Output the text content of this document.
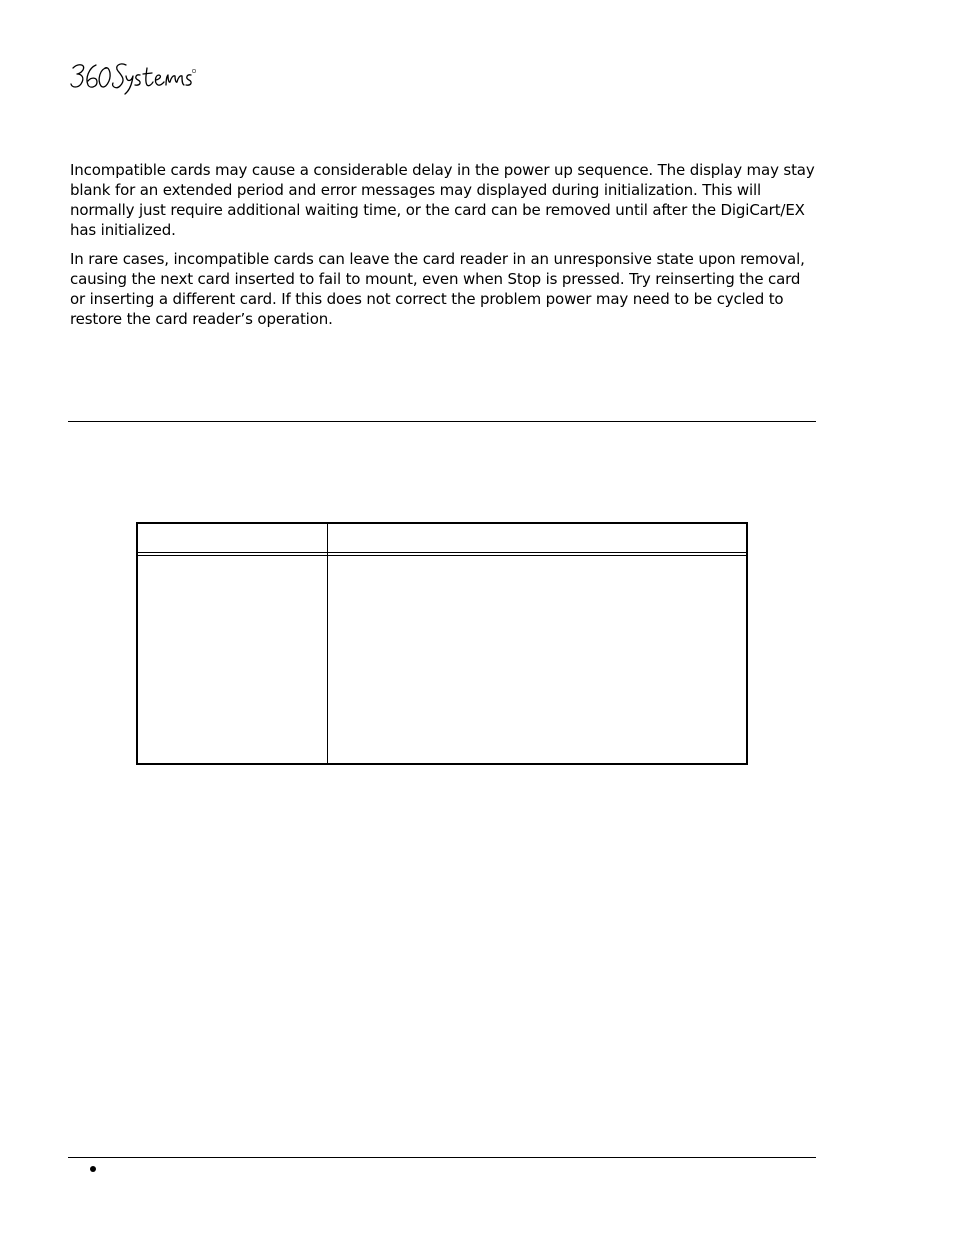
Incompatible cards may cause a considerable delay in the power up sequence. The display may stay blank for an extended period and error messages may displayed during initialization. This will normally just require additional waiting time, or the card can be removed until after the DigiCart/EX has initialized.

In rare cases, incompatible cards can leave the card reader in an unresponsive state upon removal, causing the next card inserted to fail to mount, even when Stop is pressed. Try reinserting the card or inserting a different card. If this does not correct the problem power may need to be cycled to restore the card reader’s operation.
